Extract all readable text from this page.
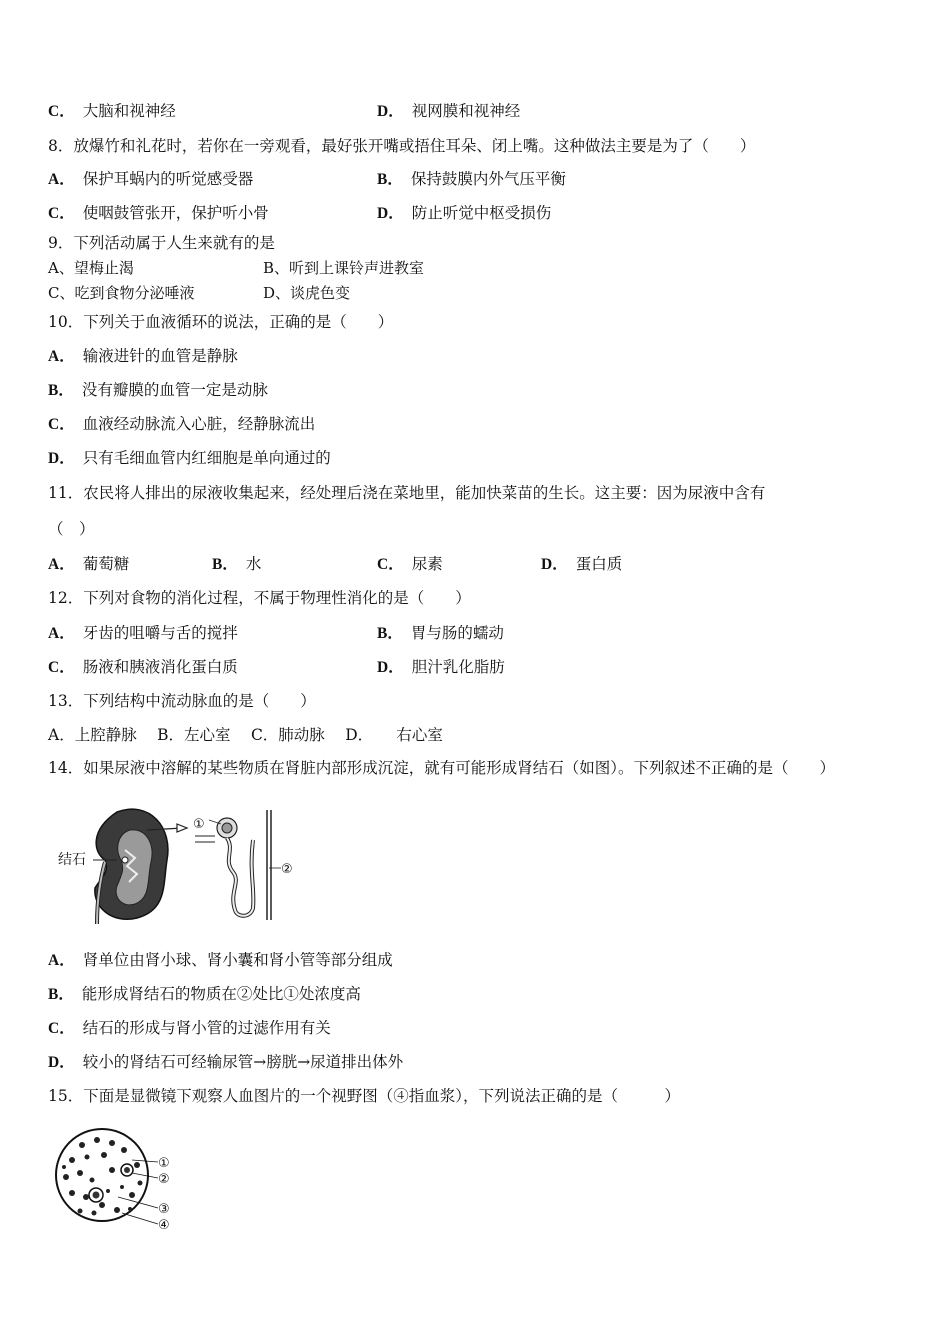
C． 大脑和视神经	D． 视网膜和视神经
8．放爆竹和礼花时，若你在一旁观看，最好张开嘴或捂住耳朵、闭上嘴。这种做法主要是为了（　　）
A． 保护耳蜗内的听觉感受器	B． 保持鼓膜内外气压平衡
C． 使咽鼓管张开，保护听小骨	D． 防止听觉中枢受损伤
9．下列活动属于人生来就有的是
A、望梅止渴	B、听到上课铃声进教室
C、吃到食物分泌唾液	D、谈虎色变
10．下列关于血液循环的说法，正确的是（　　）
A． 输液进针的血管是静脉
B． 没有瓣膜的血管一定是动脉
C． 血液经动脉流入心脏，经静脉流出
D． 只有毛细血管内红细胞是单向通过的
11．农民将人排出的尿液收集起来，经处理后浇在菜地里，能加快菜苗的生长。这主要：因为尿液中含有
（　）
A． 葡萄糖	B． 水	C． 尿素	D． 蛋白质
12．下列对食物的消化过程，不属于物理性消化的是（　　）
A． 牙齿的咀嚼与舌的搅拌	B． 胃与肠的蠕动
C． 肠液和胰液消化蛋白质	D． 胆汁乳化脂肪
13．下列结构中流动脉血的是（　　）
A．上腔静脉　 B．左心室　 C．肺动脉　 D．　　右心室
14．如果尿液中溶解的某些物质在肾脏内部形成沉淀，就有可能形成肾结石（如图）。下列叙述不正确的是（　　）
结石
①
②
A． 肾单位由肾小球、肾小囊和肾小管等部分组成
B． 能形成肾结石的物质在②处比①处浓度高
C． 结石的形成与肾小管的过滤作用有关
D． 较小的肾结石可经输尿管→膀胱→尿道排出体外
15．下面是显微镜下观察人血图片的一个视野图（④指血浆），下列说法正确的是（　　　）
①
②
③
④
